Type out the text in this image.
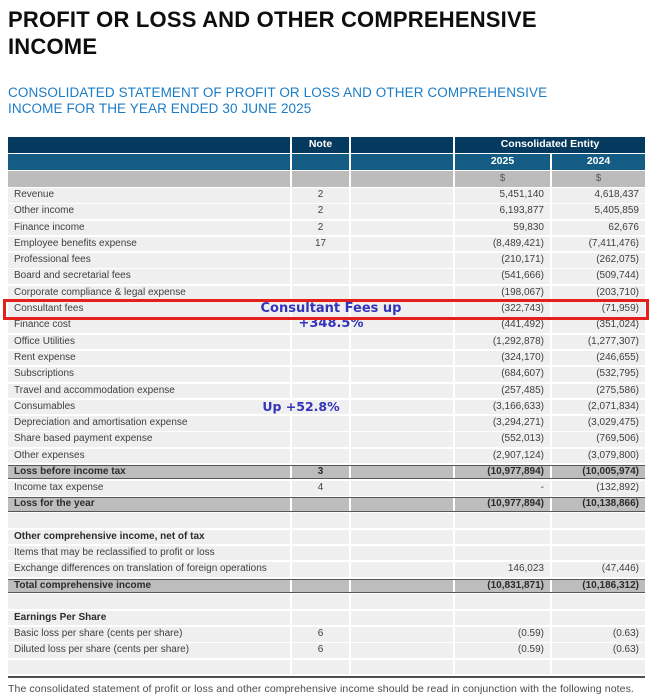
PROFIT OR LOSS AND OTHER COMPREHENSIVE INCOME
CONSOLIDATED STATEMENT OF PROFIT OR LOSS AND OTHER COMPREHENSIVE
INCOME FOR THE YEAR ENDED 30 JUNE 2025
Note	Consolidated Entity
2025	2024
$	$
Revenue	2	5,451,140	4,618,437
Other income	2	6,193,877	5,405,859
Finance income	2	59,830	62,676
Employee benefits expense	17	(8,489,421)	(7,411,476)
Professional fees	(210,171)	(262,075)
Board and secretarial fees	(541,666)	(509,744)
Corporate compliance & legal expense	(198,067)	(203,710)
Consultant fees	(322,743)	(71,959)
Consultant Fees up +348.5%
Finance cost	(441,492)	(351,024)
Office Utilities	(1,292,878)	(1,277,307)
Rent expense	(324,170)	(246,655)
Subscriptions	(684,607)	(532,795)
Travel and accommodation expense	(257,485)	(275,586)
Consumables	(3,166,633)	(2,071,834)
Up +52.8%
Depreciation and amortisation expense	(3,294,271)	(3,029,475)
Share based payment expense	(552,013)	(769,506)
Other expenses	(2,907,124)	(3,079,800)
Loss before income tax	3	(10,977,894)	(10,005,974)
Income tax expense	4	-	(132,892)
Loss for the year	(10,977,894)	(10,138,866)
Other comprehensive income, net of tax
Items that may be reclassified to profit or loss
Exchange differences on translation of foreign operations	146,023	(47,446)
Total comprehensive income	(10,831,871)	(10,186,312)
Earnings Per Share
Basic loss per share (cents per share)	6	(0.59)	(0.63)
Diluted loss per share (cents per share)	6	(0.59)	(0.63)
The consolidated statement of profit or loss and other comprehensive income should be read in conjunction with the following notes.
